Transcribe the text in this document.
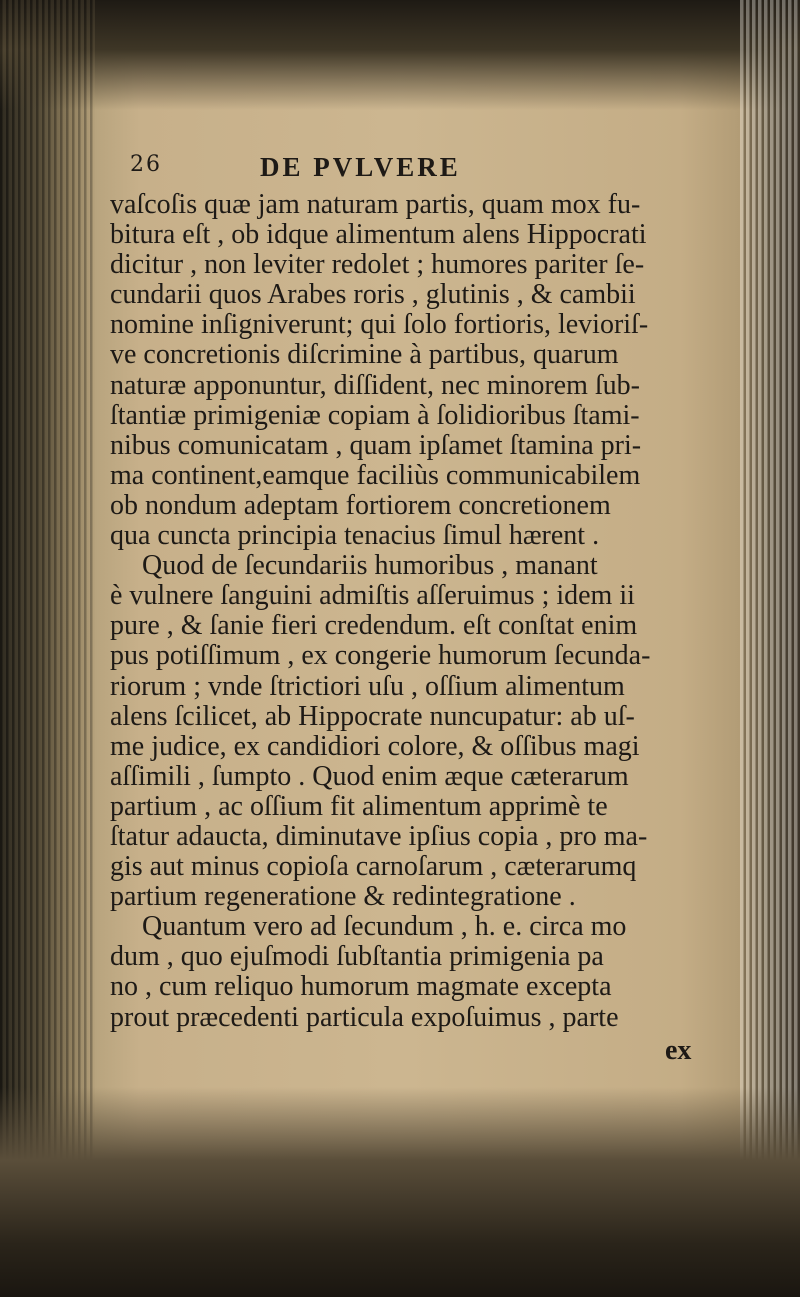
26	DE PVLVERE
vaſcoſis quæ jam naturam partis, quam mox fu-
bitura eſt , ob idque alimentum alens Hippocrati
dicitur , non leviter redolet ; humores pariter ſe-
cundarii quos Arabes roris , glutinis , & cambii
nomine inſigniverunt; qui ſolo fortioris, levioriſ-
ve concretionis diſcrimine à partibus, quarum
naturæ apponuntur, diſſident, nec minorem ſub-
ſtantiæ primigeniæ copiam à ſolidioribus ſtami-
nibus comunicatam , quam ipſamet ſtamina pri-
ma continent,eamque faciliùs communicabilem
ob nondum adeptam fortiorem concretionem
qua cuncta principia tenacius ſimul hærent .
Quod de ſecundariis humoribus , manant
è vulnere ſanguini admiſtis aſſeruimus ; idem ii
pure , & ſanie fieri credendum. eſt conſtat enim
pus potiſſimum , ex congerie humorum ſecunda-
riorum ; vnde ſtrictiori uſu , oſſium alimentum
alens ſcilicet, ab Hippocrate nuncupatur: ab uſ-
me judice, ex candidiori colore, & oſſibus magi
aſſimili , ſumpto . Quod enim æque cæterarum
partium , ac oſſium fit alimentum apprimè te
ſtatur adaucta, diminutave ipſius copia , pro ma-
gis aut minus copioſa carnoſarum , cæterarumq
partium regeneratione & redintegratione .
Quantum vero ad ſecundum , h. e. circa mo
dum , quo ejuſmodi ſubſtantia primigenia pa
no , cum reliquo humorum magmate excepta
prout præcedenti particula expoſuimus , parte
ex
